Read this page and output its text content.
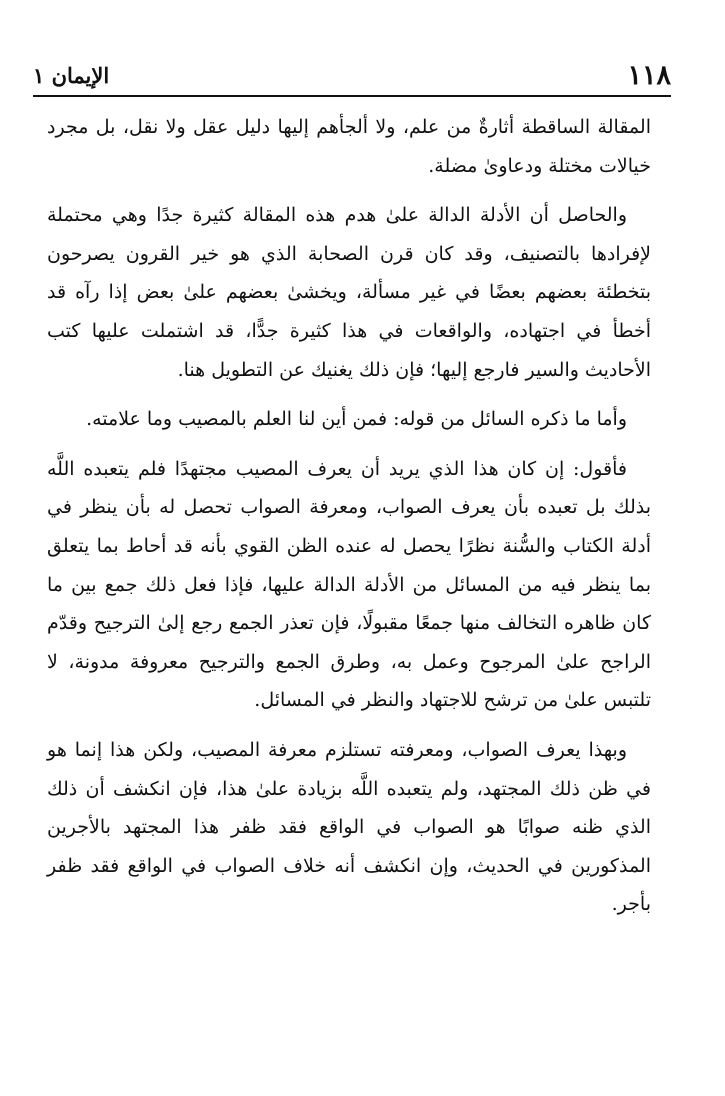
١١٨
الإيمان ١

المقالة الساقطة أثارةٌ من علم، ولا ألجأهم إليها دليل عقل ولا نقل، بل مجرد خيالات مختلة ودعاوىٰ مضلة.

والحاصل أن الأدلة الدالة علىٰ هدم هذه المقالة كثيرة جدًا وهي محتملة لإفرادها بالتصنيف، وقد كان قرن الصحابة الذي هو خير القرون يصرحون بتخطئة بعضهم بعضًا في غير مسألة، ويخشىٰ بعضهم علىٰ بعض إذا رآه قد أخطأ في اجتهاده، والواقعات في هذا كثيرة جدًّا، قد اشتملت عليها كتب الأحاديث والسير فارجع إليها؛ فإن ذلك يغنيك عن التطويل هنا.

وأما ما ذكره السائل من قوله: فمن أين لنا العلم بالمصيب وما علامته.

فأقول: إن كان هذا الذي يريد أن يعرف المصيب مجتهدًا فلم يتعبده اللَّه بذلك بل تعبده بأن يعرف الصواب، ومعرفة الصواب تحصل له بأن ينظر في أدلة الكتاب والسُّنة نظرًا يحصل له عنده الظن القوي بأنه قد أحاط بما يتعلق بما ينظر فيه من المسائل من الأدلة الدالة عليها، فإذا فعل ذلك جمع بين ما كان ظاهره التخالف منها جمعًا مقبولًا، فإن تعذر الجمع رجع إلىٰ الترجيح وقدّم الراجح علىٰ المرجوح وعمل به، وطرق الجمع والترجيح معروفة مدونة، لا تلتبس علىٰ من ترشح للاجتهاد والنظر في المسائل.

وبهذا يعرف الصواب، ومعرفته تستلزم معرفة المصيب، ولكن هذا إنما هو في ظن ذلك المجتهد، ولم يتعبده اللَّه بزيادة علىٰ هذا، فإن انكشف أن ذلك الذي ظنه صوابًا هو الصواب في الواقع فقد ظفر هذا المجتهد بالأجرين المذكورين في الحديث، وإن انكشف أنه خلاف الصواب في الواقع فقد ظفر بأجر.
